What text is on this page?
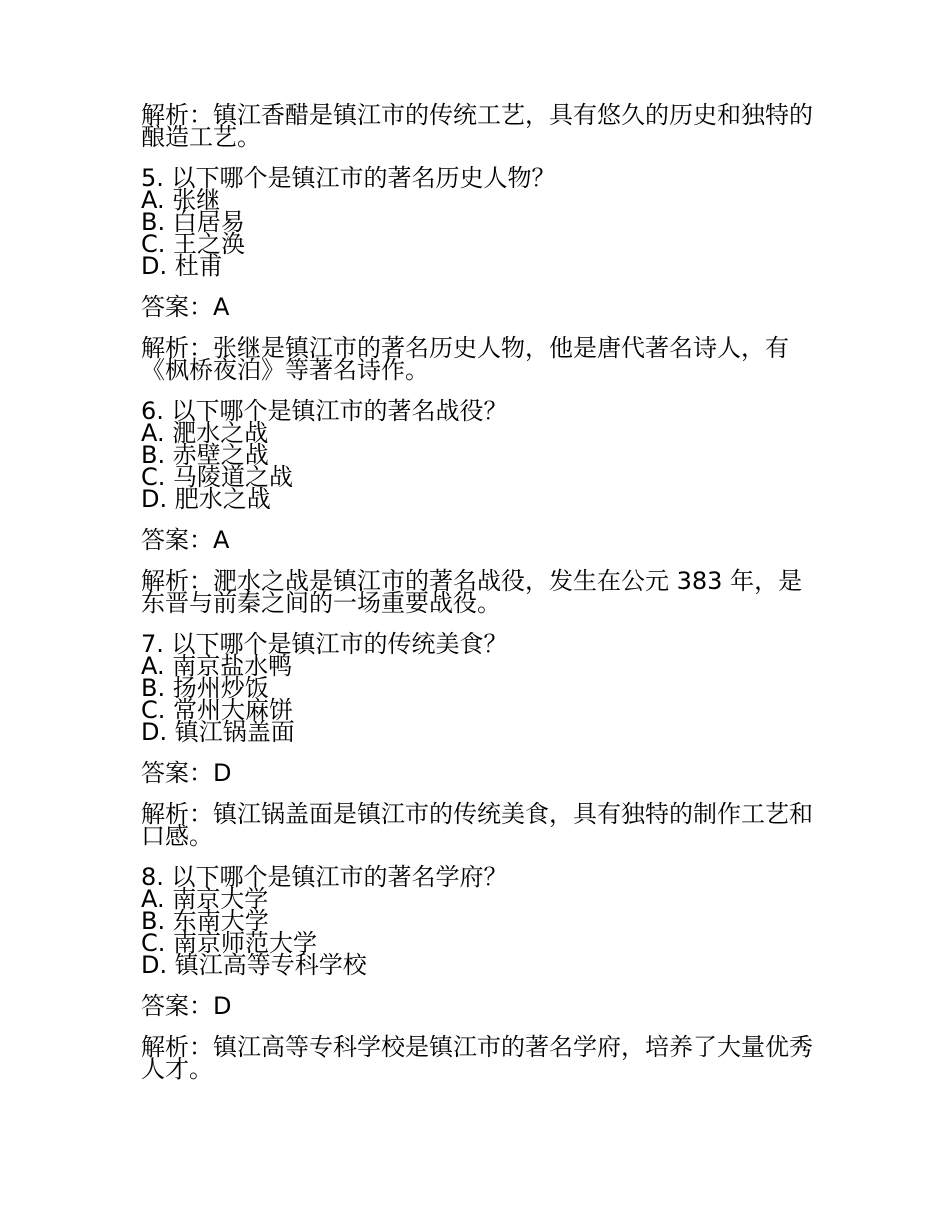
解析：镇江香醋是镇江市的传统工艺，具有悠久的历史和独特的酿造工艺。
5. 以下哪个是镇江市的著名历史人物？
A. 张继
B. 白居易
C. 王之涣
D. 杜甫
答案：A
解析：张继是镇江市的著名历史人物，他是唐代著名诗人，有《枫桥夜泊》等著名诗作。
6. 以下哪个是镇江市的著名战役？
A. 淝水之战
B. 赤壁之战
C. 马陵道之战
D. 肥水之战
答案：A
解析：淝水之战是镇江市的著名战役，发生在公元 383 年，是东晋与前秦之间的一场重要战役。
7. 以下哪个是镇江市的传统美食？
A. 南京盐水鸭
B. 扬州炒饭
C. 常州大麻饼
D. 镇江锅盖面
答案：D
解析：镇江锅盖面是镇江市的传统美食，具有独特的制作工艺和口感。
8. 以下哪个是镇江市的著名学府？
A. 南京大学
B. 东南大学
C. 南京师范大学
D. 镇江高等专科学校
答案：D
解析：镇江高等专科学校是镇江市的著名学府，培养了大量优秀人才。
